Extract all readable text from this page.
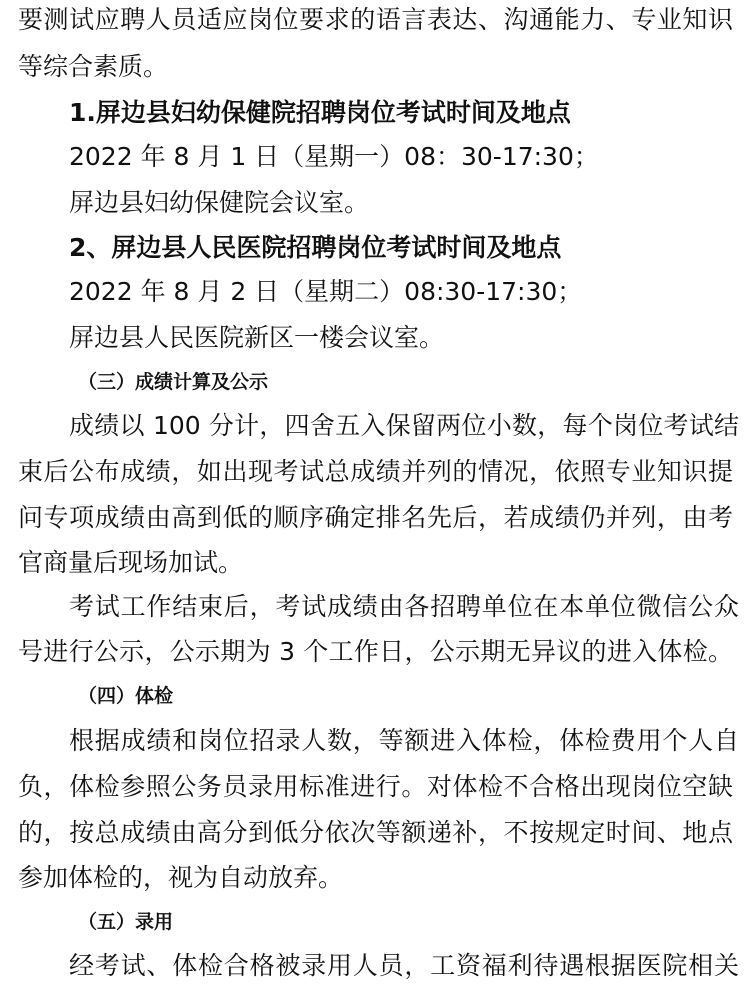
要测试应聘人员适应岗位要求的语言表达、沟通能力、专业知识
等综合素质。
1.屏边县妇幼保健院招聘岗位考试时间及地点
2022 年 8 月 1 日（星期一）08：30-17:30；
屏边县妇幼保健院会议室。
2、屏边县人民医院招聘岗位考试时间及地点
2022 年 8 月 2 日（星期二）08:30-17:30；
屏边县人民医院新区一楼会议室。
（三）成绩计算及公示
成绩以 100 分计，四舍五入保留两位小数，每个岗位考试结
束后公布成绩，如出现考试总成绩并列的情况，依照专业知识提
问专项成绩由高到低的顺序确定排名先后，若成绩仍并列，由考
官商量后现场加试。
考试工作结束后，考试成绩由各招聘单位在本单位微信公众
号进行公示，公示期为 3 个工作日，公示期无异议的进入体检。
（四）体检
根据成绩和岗位招录人数，等额进入体检，体检费用个人自
负，体检参照公务员录用标准进行。对体检不合格出现岗位空缺
的，按总成绩由高分到低分依次等额递补，不按规定时间、地点
参加体检的，视为自动放弃。
（五）录用
经考试、体检合格被录用人员，工资福利待遇根据医院相关
